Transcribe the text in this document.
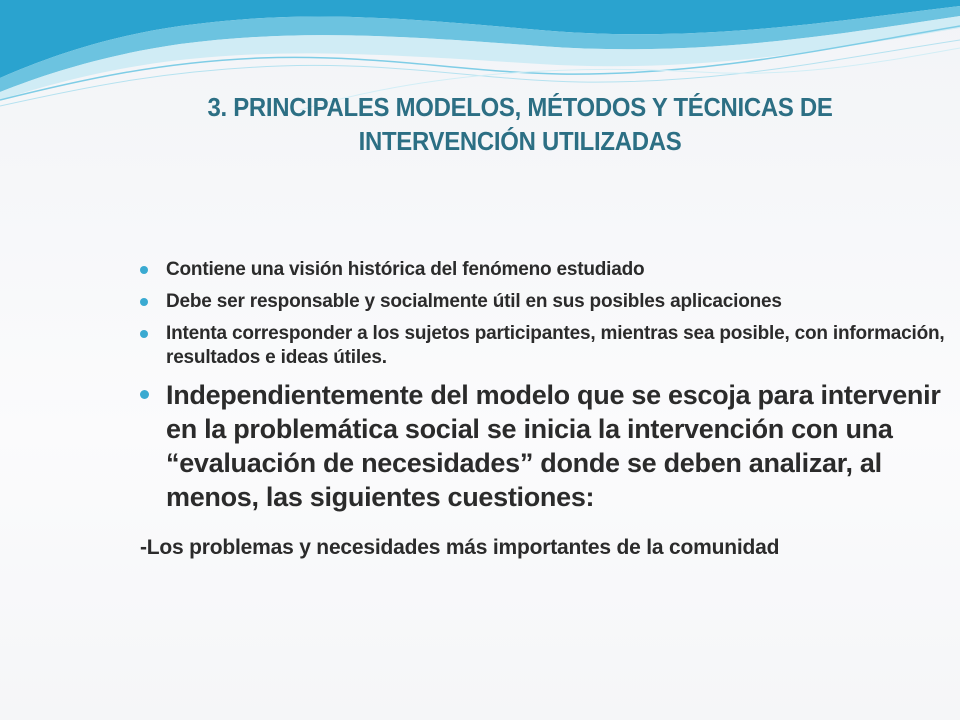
3. PRINCIPALES MODELOS, MÉTODOS Y TÉCNICAS DE
INTERVENCIÓN UTILIZADAS
Contiene una visión histórica del fenómeno estudiado
Debe ser responsable y socialmente útil en sus posibles aplicaciones
Intenta corresponder a los sujetos participantes, mientras sea posible, con información, resultados e ideas útiles.
Independientemente del modelo que se escoja para intervenir en la problemática social se inicia la intervención con una “evaluación de necesidades” donde se deben analizar, al menos, las siguientes cuestiones:
-Los problemas y necesidades más importantes de la comunidad
